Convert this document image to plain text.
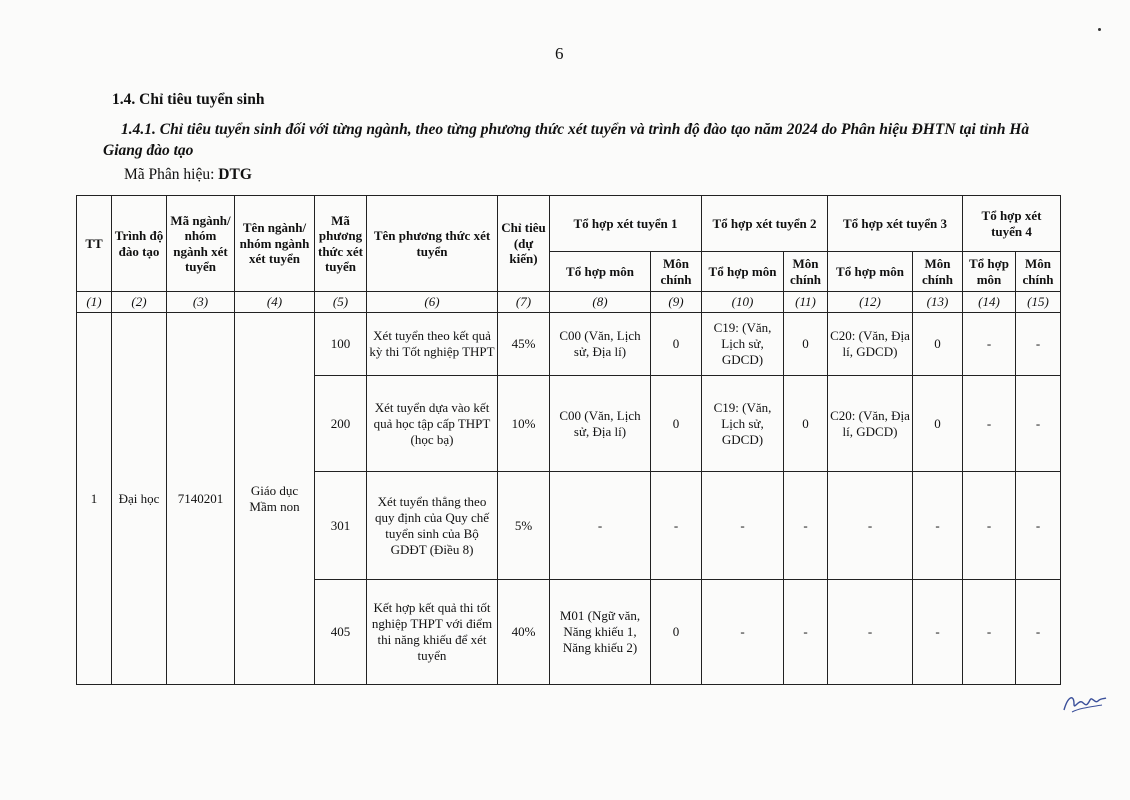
6
1.4. Chỉ tiêu tuyển sinh
1.4.1. Chỉ tiêu tuyển sinh đối với từng ngành, theo từng phương thức xét tuyển và trình độ đào tạo năm 2024 do Phân hiệu ĐHTN tại tỉnh Hà Giang đào tạo
Mã Phân hiệu: DTG
TT	Trình độ đào tạo	Mã ngành/ nhóm ngành xét tuyển	Tên ngành/ nhóm ngành xét tuyển	Mã phương thức xét tuyển	Tên phương thức xét tuyển	Chỉ tiêu (dự kiến)	Tổ hợp xét tuyển 1		Tổ hợp xét tuyển 2		Tổ hợp xét tuyển 3		Tổ hợp xét tuyển 4	
							Tổ hợp môn	Môn chính	Tổ hợp môn	Môn chính	Tổ hợp môn	Môn chính	Tổ hợp môn	Môn chính
(1)	(2)	(3)	(4)	(5)	(6)	(7)	(8)	(9)	(10)	(11)	(12)	(13)	(14)	(15)
1	Đại học	7140201	Giáo dục Mầm non	100	Xét tuyển theo kết quả kỳ thi Tốt nghiệp THPT	45%	C00 (Văn, Lịch sử, Địa lí)	0	C19: (Văn, Lịch sử, GDCD)	0	C20: (Văn, Địa lí, GDCD)	0	-	-
				200	Xét tuyển dựa vào kết quả học tập cấp THPT (học bạ)	10%	C00 (Văn, Lịch sử, Địa lí)	0	C19: (Văn, Lịch sử, GDCD)	0	C20: (Văn, Địa lí, GDCD)	0	-	-
				301	Xét tuyển thẳng theo quy định của Quy chế tuyển sinh của Bộ GDĐT (Điều 8)	5%	-	-	-	-	-	-	-	-
				405	Kết hợp kết quả thi tốt nghiệp THPT với điểm thi năng khiếu để xét tuyển	40%	M01 (Ngữ văn, Năng khiếu 1, Năng khiếu 2)	0	-	-	-	-	-	-
